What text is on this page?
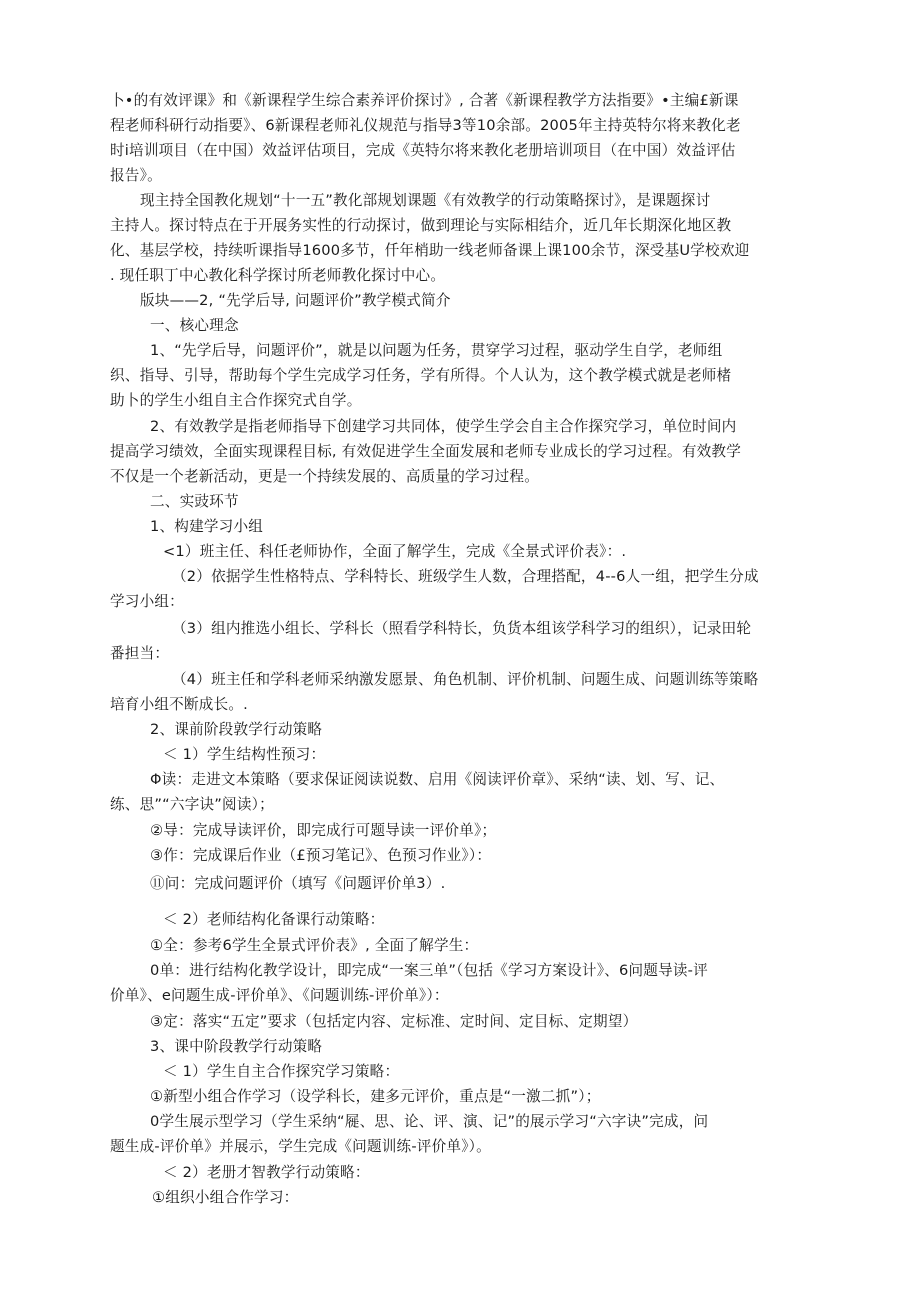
卜•的有效评课》和《新课程学生综合素养评价探讨》, 合著《新课程教学方法指要》•主编£新课
程老师科研行动指要》、6新课程老师礼仪规范与指导3等10余部。2005年主持英特尔将来教化老
时i培训项目（在中国）效益评估项目，完成《英特尔将来教化老册培训项目（在中国）效益评估
报告》。
现主持全国教化规划“十一五”教化部规划课题《有效教学的行动策略探讨》，是课题探讨
主持人。探讨特点在于开展务实性的行动探讨，做到理论与实际相结介，近几年长期深化地区教
化、基层学校，持续听课指导1600多节，仟年梢助一线老师备课上课100余节，深受基U学校欢迎
. 现任职丁中心教化科学探讨所老师教化探讨中心。
版块——2, “先学后导, 问题评价”教学模式简介
一、核心理念
1、“先学后导，问题评价”，就是以问题为任务，贯穿学习过程，驱动学生自学，老师组
织、指导、引导，帮助每个学生完成学习任务，学有所得。个人认为，这个教学模式就是老师楮
助卜的学生小组自主合作探究式自学。
2、有效教学是指老师指导下创建学习共同体，使学生学会自主合作探究学习，单位时间内
提高学习绩效，全面实现课程目标, 有效促进学生全面发展和老师专业成长的学习过程。有效教学
不仅是一个老新活动，更是一个持续发展的、高质量的学习过程。
二、实豉环节
1、构建学习小组
<1）班主任、科任老师协作，全面了解学生，完成《全景式评价表》：.
（2）依据学生性格特点、学科特长、班级学生人数，合理搭配，4--6人一组，把学生分成
学习小组：
（3）组内推选小组长、学科长（照看学科特长，负货本组该学科学习的组织），记录田轮
番担当：
（4）班主任和学科老师采纳激发愿景、角色机制、评价机制、问题生成、问题训练等策略
培育小组不断成长。.
2、课前阶段敦学行动策略
＜ 1）学生结构性预习：
Φ读：走进文本策略（要求保证阅读说数、启用《阅读评价章》、采纳“读、划、写、记、
练、思”“六字诀”阅读）；
②导：完成导读评价，即完成行可题导读一评价单》；
③作：完成课后作业（£预习笔记》、色预习作业》）：
⑪问：完成问题评价（填写《问题评价单3）.
＜ 2）老师结构化备课行动策略：
①全：参考6学生全景式评价表》, 全面了解学生：
0单：进行结构化教学设计，即完成“一案三单”（包括《学习方案设计》、6问题导读-评
价单》、e问题生成-评价单》、《问题训练-评价单》）：
③定：落实“五定”要求（包括定内容、定标准、定时间、定目标、定期望）
3、课中阶段教学行动策略
＜ 1）学生自主合作探究学习策略：
①新型小组合作学习（设学科长，建多元评价，重点是“一激二抓”）；
0学生展示型学习（学生采纳“屣、思、论、评、演、记”的展示学习“六字诀”完成，问
题生成-评价单》并展示，学生完成《问题训练-评价单》）。
＜ 2）老册才智教学行动策略：
①组织小组合作学习：
